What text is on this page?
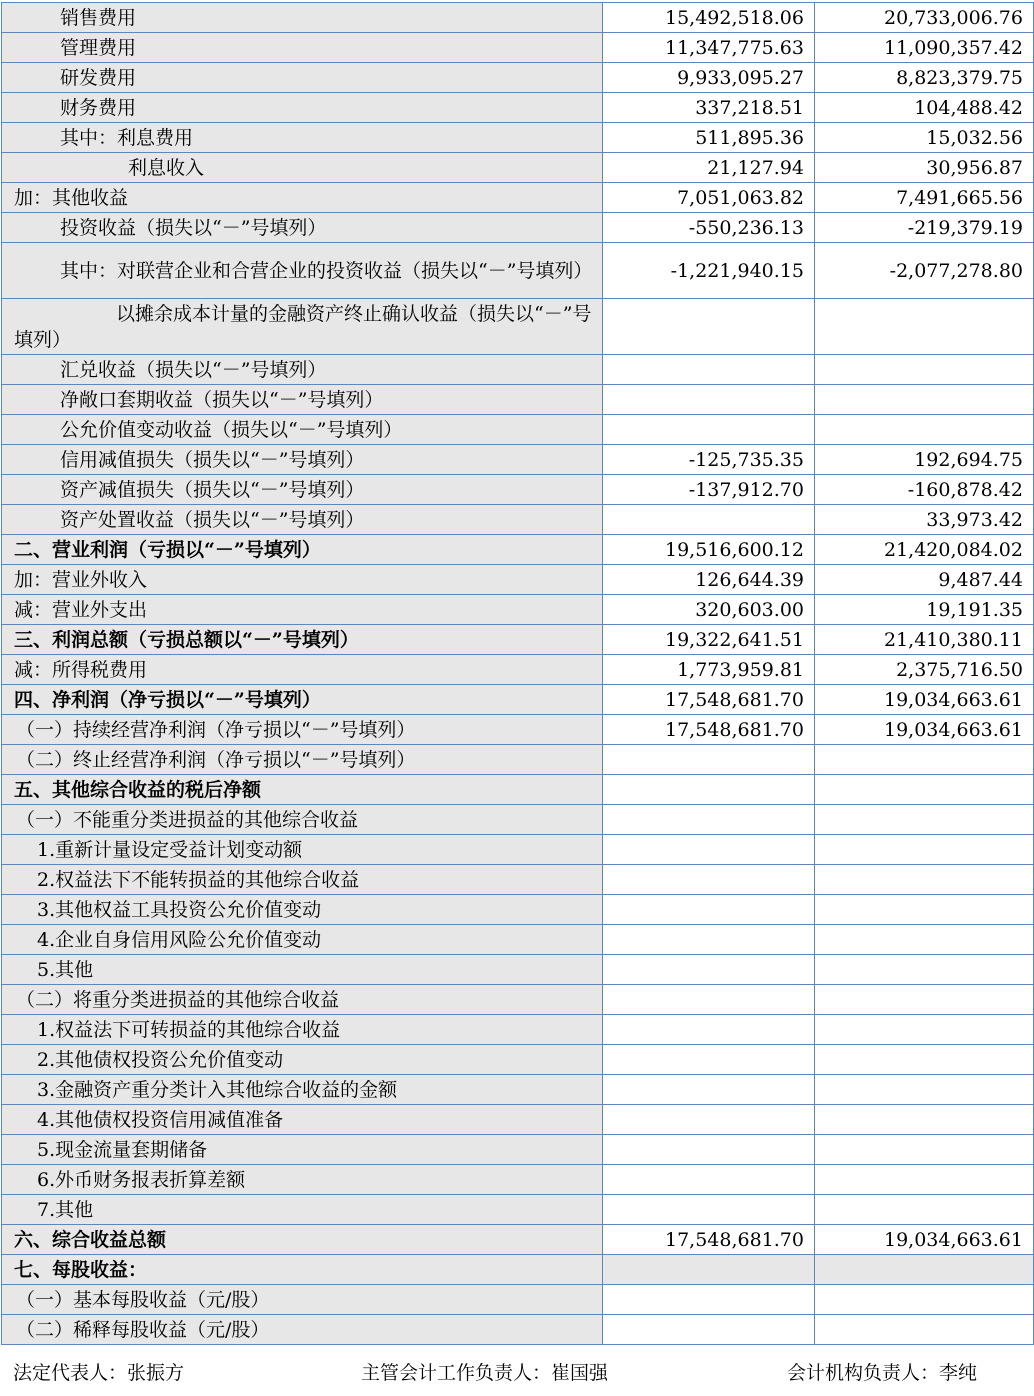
销售费用	15,492,518.06	20,733,006.76
管理费用	11,347,775.63	11,090,357.42
研发费用	9,933,095.27	8,823,379.75
财务费用	337,218.51	104,488.42
其中：利息费用	511,895.36	15,032.56
利息收入	21,127.94	30,956.87
加：其他收益	7,051,063.82	7,491,665.56
投资收益（损失以“－”号填列）	-550,236.13	-219,379.19
其中：对联营企业和合营企业的投资收益（损失以“－”号填列）	-1,221,940.15	-2,077,278.80
以摊余成本计量的金融资产终止确认收益（损失以“－”号填列）		
汇兑收益（损失以“－”号填列）		
净敞口套期收益（损失以“－”号填列）		
公允价值变动收益（损失以“－”号填列）		
信用减值损失（损失以“－”号填列）	-125,735.35	192,694.75
资产减值损失（损失以“－”号填列）	-137,912.70	-160,878.42
资产处置收益（损失以“－”号填列）		33,973.42
二、营业利润（亏损以“－”号填列）	19,516,600.12	21,420,084.02
加：营业外收入	126,644.39	9,487.44
减：营业外支出	320,603.00	19,191.35
三、利润总额（亏损总额以“－”号填列）	19,322,641.51	21,410,380.11
减：所得税费用	1,773,959.81	2,375,716.50
四、净利润（净亏损以“－”号填列）	17,548,681.70	19,034,663.61
（一）持续经营净利润（净亏损以“－”号填列）	17,548,681.70	19,034,663.61
（二）终止经营净利润（净亏损以“－”号填列）		
五、其他综合收益的税后净额		
（一）不能重分类进损益的其他综合收益		
1.重新计量设定受益计划变动额		
2.权益法下不能转损益的其他综合收益		
3.其他权益工具投资公允价值变动		
4.企业自身信用风险公允价值变动		
5.其他		
（二）将重分类进损益的其他综合收益		
1.权益法下可转损益的其他综合收益		
2.其他债权投资公允价值变动		
3.金融资产重分类计入其他综合收益的金额		
4.其他债权投资信用减值准备		
5.现金流量套期储备		
6.外币财务报表折算差额		
7.其他		
六、综合收益总额	17,548,681.70	19,034,663.61
七、每股收益：		
（一）基本每股收益（元/股）		
（二）稀释每股收益（元/股）		
法定代表人：张振方	主管会计工作负责人：崔国强	会计机构负责人：李纯
